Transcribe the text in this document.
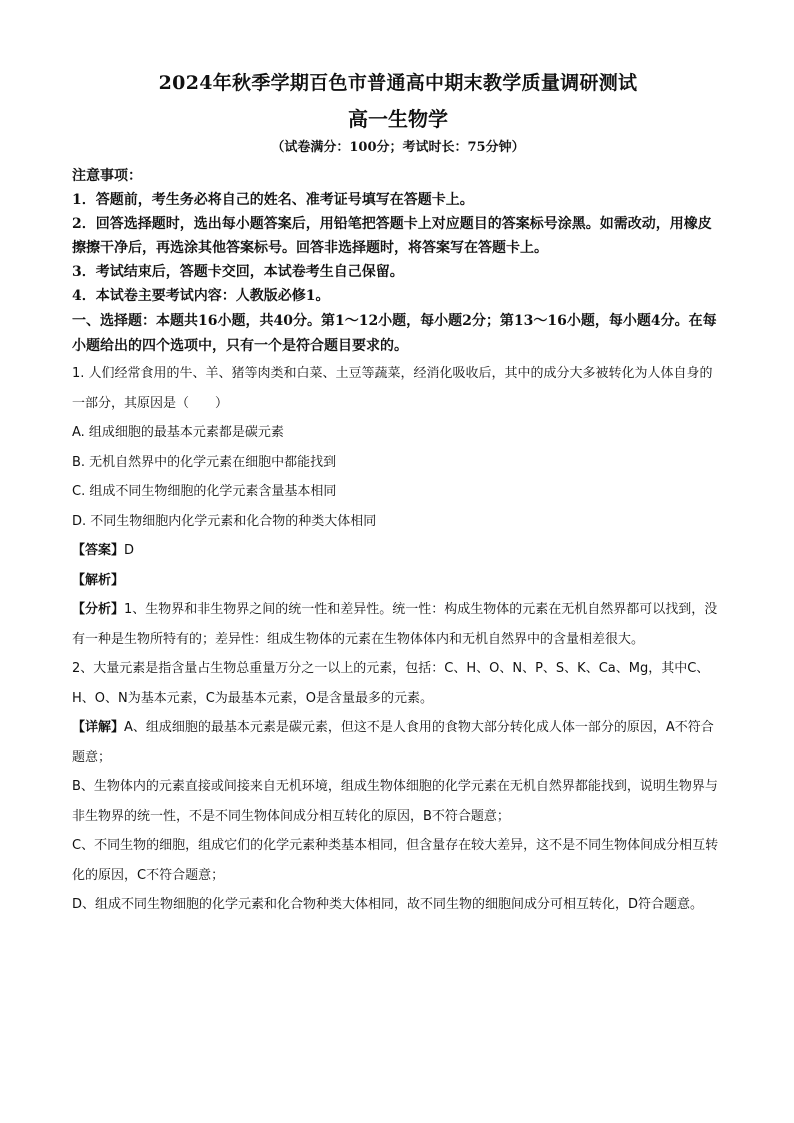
2024年秋季学期百色市普通高中期末教学质量调研测试
高一生物学
（试卷满分：100分；考试时长：75分钟）
注意事项：
1．答题前，考生务必将自己的姓名、准考证号填写在答题卡上。
2．回答选择题时，选出每小题答案后，用铅笔把答题卡上对应题目的答案标号涂黑。如需改动，用橡皮擦擦干净后，再选涂其他答案标号。回答非选择题时，将答案写在答题卡上。
3．考试结束后，答题卡交回，本试卷考生自己保留。
4．本试卷主要考试内容：人教版必修1。
一、选择题：本题共16小题，共40分。第1～12小题，每小题2分；第13～16小题，每小题4分。在每小题给出的四个选项中，只有一个是符合题目要求的。
1. 人们经常食用的牛、羊、猪等肉类和白菜、土豆等蔬菜，经消化吸收后，其中的成分大多被转化为人体自身的一部分，其原因是（　　）
A. 组成细胞的最基本元素都是碳元素
B. 无机自然界中的化学元素在细胞中都能找到
C. 组成不同生物细胞的化学元素含量基本相同
D. 不同生物细胞内化学元素和化合物的种类大体相同
【答案】D
【解析】
【分析】1、生物界和非生物界之间的统一性和差异性。统一性：构成生物体的元素在无机自然界都可以找到，没有一种是生物所特有的；差异性：组成生物体的元素在生物体体内和无机自然界中的含量相差很大。
2、大量元素是指含量占生物总重量万分之一以上的元素，包括：C、H、O、N、P、S、K、Ca、Mg，其中C、H、O、N为基本元素，C为最基本元素，O是含量最多的元素。
【详解】A、组成细胞的最基本元素是碳元素，但这不是人食用的食物大部分转化成人体一部分的原因，A不符合题意；
B、生物体内的元素直接或间接来自无机环境，组成生物体细胞的化学元素在无机自然界都能找到，说明生物界与非生物界的统一性，不是不同生物体间成分相互转化的原因，B不符合题意；
C、不同生物的细胞，组成它们的化学元素种类基本相同，但含量存在较大差异，这不是不同生物体间成分相互转化的原因，C不符合题意；
D、组成不同生物细胞的化学元素和化合物种类大体相同，故不同生物的细胞间成分可相互转化，D符合题意。
